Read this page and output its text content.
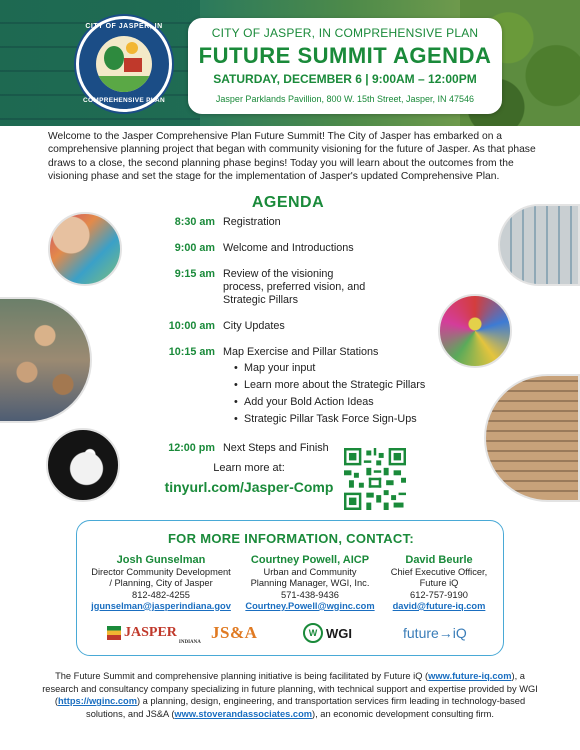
CITY OF JASPER, IN
COMPREHENSIVE PLAN
CITY OF JASPER, IN COMPREHENSIVE PLAN
FUTURE SUMMIT AGENDA
SATURDAY, DECEMBER 6 | 9:00AM – 12:00PM
Jasper Parklands Pavillion, 800 W. 15th Street, Jasper, IN 47546

Welcome to the Jasper Comprehensive Plan Future Summit! The City of Jasper has embarked on a comprehensive planning project that began with community visioning for the future of Jasper. As that phase draws to a close, the second planning phase begins! Today you will learn about the outcomes from the visioning phase and set the stage for the implementation of Jasper's updated Comprehensive Plan.

AGENDA
8:30 am Registration
9:00 am Welcome and Introductions
9:15 am Review of the visioning process, preferred vision, and Strategic Pillars
10:00 am City Updates
10:15 am Map Exercise and Pillar Stations
• Map your input
• Learn more about the Strategic Pillars
• Add your Bold Action Ideas
• Strategic Pillar Task Force Sign-Ups
12:00 pm Next Steps and Finish
Learn more at:
tinyurl.com/Jasper-Comp
FOR MORE INFORMATION, CONTACT:
Josh Gunselman
Director Community Development
/ Planning, City of Jasper
812-482-4255
jgunselman@jasperindiana.gov
Courtney Powell, AICP
Urban and Community
Planning Manager, WGI, Inc.
571-438-9436
Courtney.Powell@wginc.com
David Beurle
Chief Executive Officer,
Future iQ
612-757-9190
david@future-iq.com
JASPER
INDIANA
JS&A	W WGI	future→iQ

The Future Summit and comprehensive planning initiative is being facilitated by Future iQ (www.future-iq.com), a research and consultancy company specializing in future planning, with technical support and expertise provided by WGI (https://wginc.com) a planning, design, engineering, and transportation services firm leading in technology-based solutions, and JS&A (www.stoverandassociates.com), an economic development consulting firm.
